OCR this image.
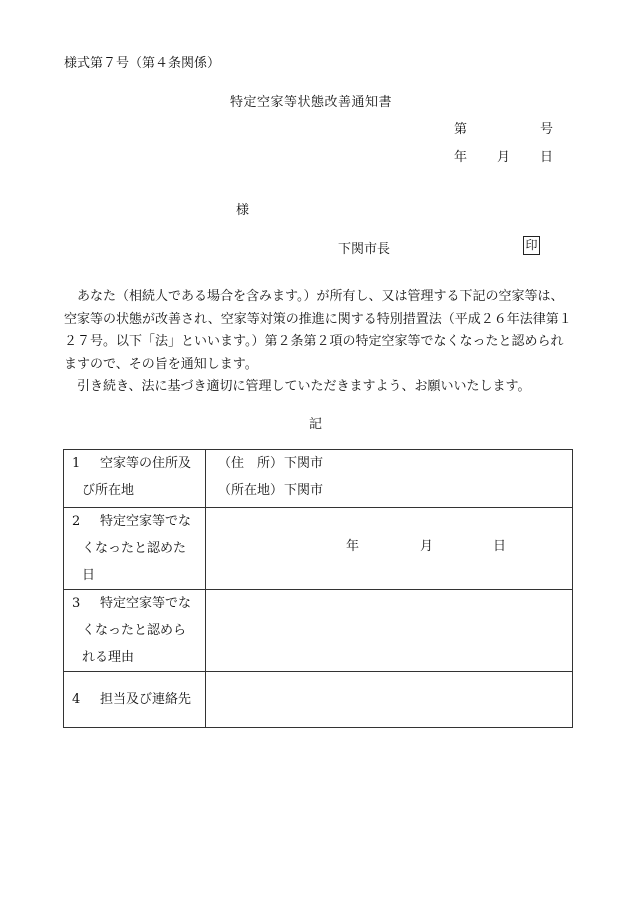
様式第７号（第４条関係）
特定空家等状態改善通知書
第	号
年 月 日
様
下関市長	印

あなた（相続人である場合を含みます。）が所有し、又は管理する下記の空家等は、空家等の状態が改善され、空家等対策の推進に関する特別措置法（平成２６年法律第１２７号。以下「法」といいます。）第２条第２項の特定空家等でなくなったと認められますので、その旨を通知します。

引き続き、法に基づき適切に管理していただきますよう、お願いいたします。

記
1 空家等の住所及
び所在地	（住　所）下関市
（所在地）下関市

2 特定空家等でな
くなったと認めた
日	年 月 日

3 特定空家等でな
くなったと認めら
れる理由	

4 担当及び連絡先	
